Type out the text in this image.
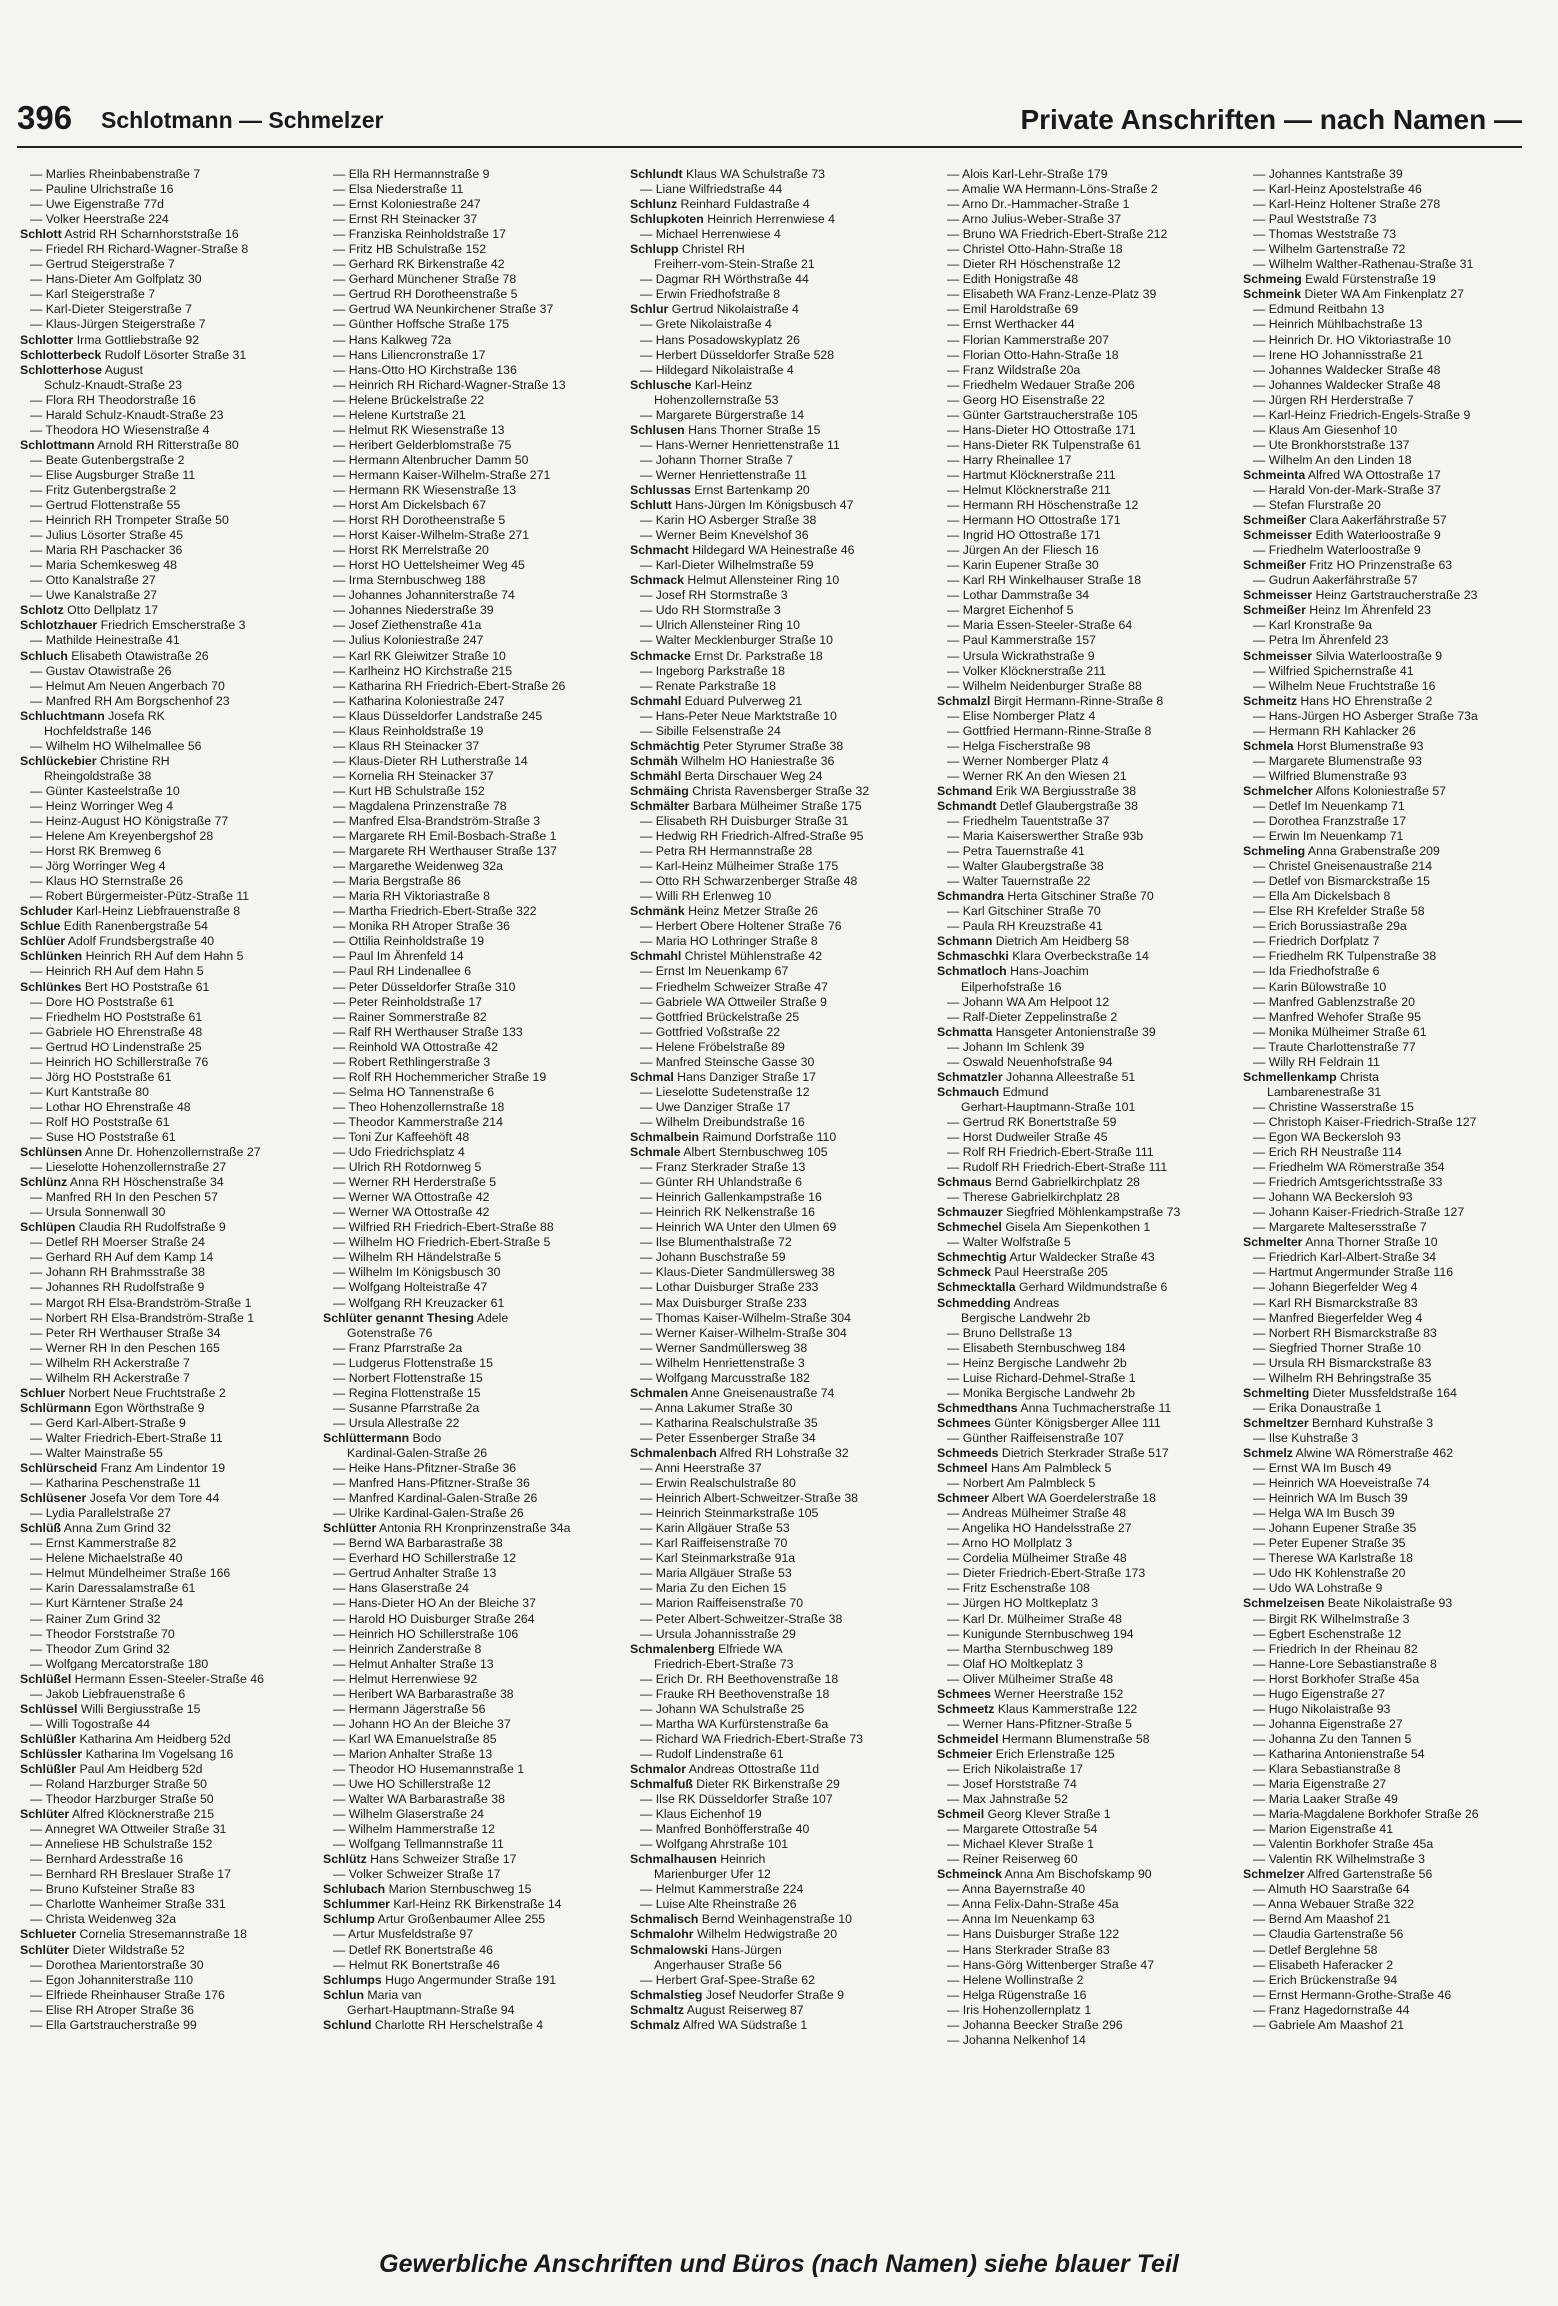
396 Schlotmann — Schmelzer	Private Anschriften — nach Namen —
— Marlies Rheinbabenstraße 7
— Pauline Ulrichstraße 16
— Uwe Eigenstraße 77d
— Volker Heerstraße 224
Schlott Astrid RH Scharnhorststraße 16
— Friedel RH Richard-Wagner-Straße 8
— Gertrud Steigerstraße 7
— Hans-Dieter Am Golfplatz 30
— Karl Steigerstraße 7
— Karl-Dieter Steigerstraße 7
— Klaus-Jürgen Steigerstraße 7
Schlotter Irma Gottliebstraße 92
Schlotterbeck Rudolf Lösorter Straße 31
Schlotterhose August
Schulz-Knaudt-Straße 23
— Flora RH Theodorstraße 16
— Harald Schulz-Knaudt-Straße 23
— Theodora HO Wiesenstraße 4
Schlottmann Arnold RH Ritterstraße 80
— Beate Gutenbergstraße 2
— Elise Augsburger Straße 11
— Fritz Gutenbergstraße 2
— Gertrud Flottenstraße 55
— Heinrich RH Trompeter Straße 50
— Julius Lösorter Straße 45
— Maria RH Paschacker 36
— Maria Schemkesweg 48
— Otto Kanalstraße 27
— Uwe Kanalstraße 27
Schlotz Otto Dellplatz 17
Schlotzhauer Friedrich Emscherstraße 3
— Mathilde Heinestraße 41
Schluch Elisabeth Otawistraße 26
— Gustav Otawistraße 26
— Helmut Am Neuen Angerbach 70
— Manfred RH Am Borgschenhof 23
Schluchtmann Josefa RK
Hochfeldstraße 146
— Wilhelm HO Wilhelmallee 56
Schlückebier Christine RH
Rheingoldstraße 38
— Günter Kasteelstraße 10
— Heinz Worringer Weg 4
— Heinz-August HO Königstraße 77
— Helene Am Kreyenbergshof 28
— Horst RK Bremweg 6
— Jörg Worringer Weg 4
— Klaus HO Sternstraße 26
— Robert Bürgermeister-Pütz-Straße 11
Schluder Karl-Heinz Liebfrauenstraße 8
Schlue Edith Ranenbergstraße 54
Schlüer Adolf Frundsbergstraße 40
Schlünken Heinrich RH Auf dem Hahn 5
— Heinrich RH Auf dem Hahn 5
Schlünkes Bert HO Poststraße 61
— Dore HO Poststraße 61
— Friedhelm HO Poststraße 61
— Gabriele HO Ehrenstraße 48
— Gertrud HO Lindenstraße 25
— Heinrich HO Schillerstraße 76
— Jörg HO Poststraße 61
— Kurt Kantstraße 80
— Lothar HO Ehrenstraße 48
— Rolf HO Poststraße 61
— Suse HO Poststraße 61
Schlünsen Anne Dr. Hohenzollernstraße 27
— Lieselotte Hohenzollernstraße 27
Schlünz Anna RH Höschenstraße 34
— Manfred RH In den Peschen 57
— Ursula Sonnenwall 30
Schlüpen Claudia RH Rudolfstraße 9
— Detlef RH Moerser Straße 24
— Gerhard RH Auf dem Kamp 14
— Johann RH Brahmsstraße 38
— Johannes RH Rudolfstraße 9
— Margot RH Elsa-Brandström-Straße 1
— Norbert RH Elsa-Brandström-Straße 1
— Peter RH Werthauser Straße 34
— Werner RH In den Peschen 165
— Wilhelm RH Ackerstraße 7
— Wilhelm RH Ackerstraße 7
Schluer Norbert Neue Fruchtstraße 2
Schlürmann Egon Wörthstraße 9
— Gerd Karl-Albert-Straße 9
— Walter Friedrich-Ebert-Straße 11
— Walter Mainstraße 55
Schlürscheid Franz Am Lindentor 19
— Katharina Peschenstraße 11
Schlüsener Josefa Vor dem Tore 44
— Lydia Parallelstraße 27
Schlüß Anna Zum Grind 32
— Ernst Kammerstraße 82
— Helene Michaelstraße 40
— Helmut Mündelheimer Straße 166
— Karin Daressalamstraße 61
— Kurt Kärntener Straße 24
— Rainer Zum Grind 32
— Theodor Forststraße 70
— Theodor Zum Grind 32
— Wolfgang Mercatorstraße 180
Schlüßel Hermann Essen-Steeler-Straße 46
— Jakob Liebfrauenstraße 6
Schlüssel Willi Bergiusstraße 15
— Willi Togostraße 44
Schlüßler Katharina Am Heidberg 52d
Schlüssler Katharina Im Vogelsang 16
Schlüßler Paul Am Heidberg 52d
— Roland Harzburger Straße 50
— Theodor Harzburger Straße 50
Schlüter Alfred Klöcknerstraße 215
— Annegret WA Ottweiler Straße 31
— Anneliese HB Schulstraße 152
— Bernhard Ardesstraße 16
— Bernhard RH Breslauer Straße 17
— Bruno Kufsteiner Straße 83
— Charlotte Wanheimer Straße 331
— Christa Weidenweg 32a
Schlueter Cornelia Stresemannstraße 18
Schlüter Dieter Wildstraße 52
— Dorothea Marientorstraße 30
— Egon Johanniterstraße 110
— Elfriede Rheinhauser Straße 176
— Elise RH Atroper Straße 36
— Ella Gartstraucherstraße 99
— Ella RH Hermannstraße 9
— Elsa Niederstraße 11
— Ernst Koloniestraße 247
— Ernst RH Steinacker 37
— Franziska Reinholdstraße 17
— Fritz HB Schulstraße 152
— Gerhard RK Birkenstraße 42
— Gerhard Münchener Straße 78
— Gertrud RH Dorotheenstraße 5
— Gertrud WA Neunkirchener Straße 37
— Günther Hoffsche Straße 175
— Hans Kalkweg 72a
— Hans Liliencronstraße 17
— Hans-Otto HO Kirchstraße 136
— Heinrich RH Richard-Wagner-Straße 13
— Helene Brückelstraße 22
— Helene Kurtstraße 21
— Helmut RK Wiesenstraße 13
— Heribert Gelderblomstraße 75
— Hermann Altenbrucher Damm 50
— Hermann Kaiser-Wilhelm-Straße 271
— Hermann RK Wiesenstraße 13
— Horst Am Dickelsbach 67
— Horst RH Dorotheenstraße 5
— Horst Kaiser-Wilhelm-Straße 271
— Horst RK Merrelstraße 20
— Horst HO Uettelsheimer Weg 45
— Irma Sternbuschweg 188
— Johannes Johanniterstraße 74
— Johannes Niederstraße 39
— Josef Ziethenstraße 41a
— Julius Koloniestraße 247
— Karl RK Gleiwitzer Straße 10
— Karlheinz HO Kirchstraße 215
— Katharina RH Friedrich-Ebert-Straße 26
— Katharina Koloniestraße 247
— Klaus Düsseldorfer Landstraße 245
— Klaus Reinholdstraße 19
— Klaus RH Steinacker 37
— Klaus-Dieter RH Lutherstraße 14
— Kornelia RH Steinacker 37
— Kurt HB Schulstraße 152
— Magdalena Prinzenstraße 78
— Manfred Elsa-Brandström-Straße 3
— Margarete RH Emil-Bosbach-Straße 1
— Margarete RH Werthauser Straße 137
— Margarethe Weidenweg 32a
— Maria Bergstraße 86
— Maria RH Viktoriastraße 8
— Martha Friedrich-Ebert-Straße 322
— Monika RH Atroper Straße 36
— Ottilia Reinholdstraße 19
— Paul Im Ährenfeld 14
— Paul RH Lindenallee 6
— Peter Düsseldorfer Straße 310
— Peter Reinholdstraße 17
— Rainer Sommerstraße 82
— Ralf RH Werthauser Straße 133
— Reinhold WA Ottostraße 42
— Robert Rethlingerstraße 3
— Rolf RH Hochemmericher Straße 19
— Selma HO Tannenstraße 6
— Theo Hohenzollernstraße 18
— Theodor Kammerstraße 214
— Toni Zur Kaffeehöft 48
— Udo Friedrichsplatz 4
— Ulrich RH Rotdornweg 5
— Werner RH Herderstraße 5
— Werner WA Ottostraße 42
— Werner WA Ottostraße 42
— Wilfried RH Friedrich-Ebert-Straße 88
— Wilhelm HO Friedrich-Ebert-Straße 5
— Wilhelm RH Händelstraße 5
— Wilhelm Im Königsbusch 30
— Wolfgang Holteistraße 47
— Wolfgang RH Kreuzacker 61
Schlüter genannt Thesing Adele
Gotenstraße 76
— Franz Pfarrstraße 2a
— Ludgerus Flottenstraße 15
— Norbert Flottenstraße 15
— Regina Flottenstraße 15
— Susanne Pfarrstraße 2a
— Ursula Allestraße 22
Schlüttermann Bodo
Kardinal-Galen-Straße 26
— Heike Hans-Pfitzner-Straße 36
— Manfred Hans-Pfitzner-Straße 36
— Manfred Kardinal-Galen-Straße 26
— Ulrike Kardinal-Galen-Straße 26
Schlütter Antonia RH Kronprinzenstraße 34a
— Bernd WA Barbarastraße 38
— Everhard HO Schillerstraße 12
— Gertrud Anhalter Straße 13
— Hans Glaserstraße 24
— Hans-Dieter HO An der Bleiche 37
— Harold HO Duisburger Straße 264
— Heinrich HO Schillerstraße 106
— Heinrich Zanderstraße 8
— Helmut Anhalter Straße 13
— Helmut Herrenwiese 92
— Heribert WA Barbarastraße 38
— Hermann Jägerstraße 56
— Johann HO An der Bleiche 37
— Karl WA Emanuelstraße 85
— Marion Anhalter Straße 13
— Theodor HO Husemannstraße 1
— Uwe HO Schillerstraße 12
— Walter WA Barbarastraße 38
— Wilhelm Glaserstraße 24
— Wilhelm Hammerstraße 12
— Wolfgang Tellmannstraße 11
Schlütz Hans Schweizer Straße 17
— Volker Schweizer Straße 17
Schlubach Marion Sternbuschweg 15
Schlummer Karl-Heinz RK Birkenstraße 14
Schlump Artur Großenbaumer Allee 255
— Artur Musfeldstraße 97
— Detlef RK Bonertstraße 46
— Helmut RK Bonertstraße 46
Schlumps Hugo Angermunder Straße 191
Schlun Maria van
Gerhart-Hauptmann-Straße 94
Schlund Charlotte RH Herschelstraße 4
Schlundt Klaus WA Schulstraße 73
— Liane Wilfriedstraße 44
Schlunz Reinhard Fuldastraße 4
Schlupkoten Heinrich Herrenwiese 4
— Michael Herrenwiese 4
Schlupp Christel RH
Freiherr-vom-Stein-Straße 21
— Dagmar RH Wörthstraße 44
— Erwin Friedhofstraße 8
Schlur Gertrud Nikolaistraße 4
— Grete Nikolaistraße 4
— Hans Posadowskyplatz 26
— Herbert Düsseldorfer Straße 528
— Hildegard Nikolaistraße 4
Schlusche Karl-Heinz
Hohenzollernstraße 53
— Margarete Bürgerstraße 14
Schlusen Hans Thorner Straße 15
— Hans-Werner Henriettenstraße 11
— Johann Thorner Straße 7
— Werner Henriettenstraße 11
Schlussas Ernst Bartenkamp 20
Schlutt Hans-Jürgen Im Königsbusch 47
— Karin HO Asberger Straße 38
— Werner Beim Knevelshof 36
Schmacht Hildegard WA Heinestraße 46
— Karl-Dieter Wilhelmstraße 59
Schmack Helmut Allensteiner Ring 10
— Josef RH Stormstraße 3
— Udo RH Stormstraße 3
— Ulrich Allensteiner Ring 10
— Walter Mecklenburger Straße 10
Schmacke Ernst Dr. Parkstraße 18
— Ingeborg Parkstraße 18
— Renate Parkstraße 18
Schmahl Eduard Pulverweg 21
— Hans-Peter Neue Marktstraße 10
— Sibille Felsenstraße 24
Schmächtig Peter Styrumer Straße 38
Schmäh Wilhelm HO Haniestraße 36
Schmähl Berta Dirschauer Weg 24
Schmäing Christa Ravensberger Straße 32
Schmälter Barbara Mülheimer Straße 175
— Elisabeth RH Duisburger Straße 31
— Hedwig RH Friedrich-Alfred-Straße 95
— Petra RH Hermannstraße 28
— Karl-Heinz Mülheimer Straße 175
— Otto RH Schwarzenberger Straße 48
— Willi RH Erlenweg 10
Schmänk Heinz Metzer Straße 26
— Herbert Obere Holtener Straße 76
— Maria HO Lothringer Straße 8
Schmahl Christel Mühlenstraße 42
— Ernst Im Neuenkamp 67
— Friedhelm Schweizer Straße 47
— Gabriele WA Ottweiler Straße 9
— Gottfried Brückelstraße 25
— Gottfried Voßstraße 22
— Helene Fröbelstraße 89
— Manfred Steinsche Gasse 30
Schmal Hans Danziger Straße 17
— Lieselotte Sudetenstraße 12
— Uwe Danziger Straße 17
— Wilhelm Dreibundstraße 16
Schmalbein Raimund Dorfstraße 110
Schmale Albert Sternbuschweg 105
— Franz Sterkrader Straße 13
— Günter RH Uhlandstraße 6
— Heinrich Gallenkampstraße 16
— Heinrich RK Nelkenstraße 16
— Heinrich WA Unter den Ulmen 69
— Ilse Blumenthalstraße 72
— Johann Buschstraße 59
— Klaus-Dieter Sandmüllersweg 38
— Lothar Duisburger Straße 233
— Max Duisburger Straße 233
— Thomas Kaiser-Wilhelm-Straße 304
— Werner Kaiser-Wilhelm-Straße 304
— Werner Sandmüllersweg 38
— Wilhelm Henriettenstraße 3
— Wolfgang Marcusstraße 182
Schmalen Anne Gneisenaustraße 74
— Anna Lakumer Straße 30
— Katharina Realschulstraße 35
— Peter Essenberger Straße 34
Schmalenbach Alfred RH Lohstraße 32
— Anni Heerstraße 37
— Erwin Realschulstraße 80
— Heinrich Albert-Schweitzer-Straße 38
— Heinrich Steinmarkstraße 105
— Karin Allgäuer Straße 53
— Karl Raiffeisenstraße 70
— Karl Steinmarkstraße 91a
— Maria Allgäuer Straße 53
— Maria Zu den Eichen 15
— Marion Raiffeisenstraße 70
— Peter Albert-Schweitzer-Straße 38
— Ursula Johannisstraße 29
Schmalenberg Elfriede WA
Friedrich-Ebert-Straße 73
— Erich Dr. RH Beethovenstraße 18
— Frauke RH Beethovenstraße 18
— Johann WA Schulstraße 25
— Martha WA Kurfürstenstraße 6a
— Richard WA Friedrich-Ebert-Straße 73
— Rudolf Lindenstraße 61
Schmalor Andreas Ottostraße 11d
Schmalfuß Dieter RK Birkenstraße 29
— Ilse RK Düsseldorfer Straße 107
— Klaus Eichenhof 19
— Manfred Bonhöfferstraße 40
— Wolfgang Ahrstraße 101
Schmalhausen Heinrich
Marienburger Ufer 12
— Helmut Kammerstraße 224
— Luise Alte Rheinstraße 26
Schmalisch Bernd Weinhagenstraße 10
Schmalohr Wilhelm Hedwigstraße 20
Schmalowski Hans-Jürgen
Angerhauser Straße 56
— Herbert Graf-Spee-Straße 62
Schmalstieg Josef Neudorfer Straße 9
Schmaltz August Reiserweg 87
Schmalz Alfred WA Südstraße 1
— Alois Karl-Lehr-Straße 179
— Amalie WA Hermann-Löns-Straße 2
— Arno Dr.-Hammacher-Straße 1
— Arno Julius-Weber-Straße 37
— Bruno WA Friedrich-Ebert-Straße 212
— Christel Otto-Hahn-Straße 18
— Dieter RH Höschenstraße 12
— Edith Honigstraße 48
— Elisabeth WA Franz-Lenze-Platz 39
— Emil Haroldstraße 69
— Ernst Werthacker 44
— Florian Kammerstraße 207
— Florian Otto-Hahn-Straße 18
— Franz Wildstraße 20a
— Friedhelm Wedauer Straße 206
— Georg HO Eisenstraße 22
— Günter Gartstraucherstraße 105
— Hans-Dieter HO Ottostraße 171
— Hans-Dieter RK Tulpenstraße 61
— Harry Rheinallee 17
— Hartmut Klöcknerstraße 211
— Helmut Klöcknerstraße 211
— Hermann RH Höschenstraße 12
— Hermann HO Ottostraße 171
— Ingrid HO Ottostraße 171
— Jürgen An der Fliesch 16
— Karin Eupener Straße 30
— Karl RH Winkelhauser Straße 18
— Lothar Dammstraße 34
— Margret Eichenhof 5
— Maria Essen-Steeler-Straße 64
— Paul Kammerstraße 157
— Ursula Wickrathstraße 9
— Volker Klöcknerstraße 211
— Wilhelm Neidenburger Straße 88
Schmalzl Birgit Hermann-Rinne-Straße 8
— Elise Nomberger Platz 4
— Gottfried Hermann-Rinne-Straße 8
— Helga Fischerstraße 98
— Werner Nomberger Platz 4
— Werner RK An den Wiesen 21
Schmand Erik WA Bergiusstraße 38
Schmandt Detlef Glaubergstraße 38
— Friedhelm Tauentstraße 37
— Maria Kaiserswerther Straße 93b
— Petra Tauernstraße 41
— Walter Glaubergstraße 38
— Walter Tauernstraße 22
Schmandra Herta Gitschiner Straße 70
— Karl Gitschiner Straße 70
— Paula RH Kreuzstraße 41
Schmann Dietrich Am Heidberg 58
Schmaschki Klara Overbeckstraße 14
Schmatloch Hans-Joachim
Eilperhofstraße 16
— Johann WA Am Helpoot 12
— Ralf-Dieter Zeppelinstraße 2
Schmatta Hansgeter Antonienstraße 39
— Johann Im Schlenk 39
— Oswald Neuenhofstraße 94
Schmatzler Johanna Alleestraße 51
Schmauch Edmund
Gerhart-Hauptmann-Straße 101
— Gertrud RK Bonertstraße 59
— Horst Dudweiler Straße 45
— Rolf RH Friedrich-Ebert-Straße 111
— Rudolf RH Friedrich-Ebert-Straße 111
Schmaus Bernd Gabrielkirchplatz 28
— Therese Gabrielkirchplatz 28
Schmauzer Siegfried Möhlenkampstraße 73
Schmechel Gisela Am Siepenkothen 1
— Walter Wolfstraße 5
Schmechtig Artur Waldecker Straße 43
Schmeck Paul Heerstraße 205
Schmecktalla Gerhard Wildmundstraße 6
Schmedding Andreas
Bergische Landwehr 2b
— Bruno Dellstraße 13
— Elisabeth Sternbuschweg 184
— Heinz Bergische Landwehr 2b
— Luise Richard-Dehmel-Straße 1
— Monika Bergische Landwehr 2b
Schmedthans Anna Tuchmacherstraße 11
Schmees Günter Königsberger Allee 111
— Günther Raiffeisenstraße 107
Schmeeds Dietrich Sterkrader Straße 517
Schmeel Hans Am Palmbleck 5
— Norbert Am Palmbleck 5
Schmeer Albert WA Goerdelerstraße 18
— Andreas Mülheimer Straße 48
— Angelika HO Handelsstraße 27
— Arno HO Mollplatz 3
— Cordelia Mülheimer Straße 48
— Dieter Friedrich-Ebert-Straße 173
— Fritz Eschenstraße 108
— Jürgen HO Moltkeplatz 3
— Karl Dr. Mülheimer Straße 48
— Kunigunde Sternbuschweg 194
— Martha Sternbuschweg 189
— Olaf HO Moltkeplatz 3
— Oliver Mülheimer Straße 48
Schmees Werner Heerstraße 152
Schmeetz Klaus Kammerstraße 122
— Werner Hans-Pfitzner-Straße 5
Schmeidel Hermann Blumenstraße 58
Schmeier Erich Erlenstraße 125
— Erich Nikolaistraße 17
— Josef Horststraße 74
— Max Jahnstraße 52
Schmeil Georg Klever Straße 1
— Margarete Ottostraße 54
— Michael Klever Straße 1
— Reiner Reiserweg 60
Schmeinck Anna Am Bischofskamp 90
— Anna Bayernstraße 40
— Anna Felix-Dahn-Straße 45a
— Anna Im Neuenkamp 63
— Hans Duisburger Straße 122
— Hans Sterkrader Straße 83
— Hans-Görg Wittenberger Straße 47
— Helene Wollinstraße 2
— Helga Rügenstraße 16
— Iris Hohenzollernplatz 1
— Johanna Beecker Straße 296
— Johanna Nelkenhof 14
— Johannes Kantstraße 39
— Karl-Heinz Apostelstraße 46
— Karl-Heinz Holtener Straße 278
— Paul Weststraße 73
— Thomas Weststraße 73
— Wilhelm Gartenstraße 72
— Wilhelm Walther-Rathenau-Straße 31
Schmeing Ewald Fürstenstraße 19
Schmeink Dieter WA Am Finkenplatz 27
— Edmund Reitbahn 13
— Heinrich Mühlbachstraße 13
— Heinrich Dr. HO Viktoriastraße 10
— Irene HO Johannisstraße 21
— Johannes Waldecker Straße 48
— Johannes Waldecker Straße 48
— Jürgen RH Herderstraße 7
— Karl-Heinz Friedrich-Engels-Straße 9
— Klaus Am Giesenhof 10
— Ute Bronkhorststraße 137
— Wilhelm An den Linden 18
Schmeinta Alfred WA Ottostraße 17
— Harald Von-der-Mark-Straße 37
— Stefan Flurstraße 20
Schmeißer Clara Aakerfährstraße 57
Schmeisser Edith Waterloostraße 9
— Friedhelm Waterloostraße 9
Schmeißer Fritz HO Prinzenstraße 63
— Gudrun Aakerfährstraße 57
Schmeisser Heinz Gartstraucherstraße 23
Schmeißer Heinz Im Ährenfeld 23
— Karl Kronstraße 9a
— Petra Im Ährenfeld 23
Schmeisser Silvia Waterloostraße 9
— Wilfried Spichernstraße 41
— Wilhelm Neue Fruchtstraße 16
Schmeitz Hans HO Ehrenstraße 2
— Hans-Jürgen HO Asberger Straße 73a
— Hermann RH Kahlacker 26
Schmela Horst Blumenstraße 93
— Margarete Blumenstraße 93
— Wilfried Blumenstraße 93
Schmelcher Alfons Koloniestraße 57
— Detlef Im Neuenkamp 71
— Dorothea Franzstraße 17
— Erwin Im Neuenkamp 71
Schmeling Anna Grabenstraße 209
— Christel Gneisenaustraße 214
— Detlef von Bismarckstraße 15
— Ella Am Dickelsbach 8
— Else RH Krefelder Straße 58
— Erich Borussiastraße 29a
— Friedrich Dorfplatz 7
— Friedhelm RK Tulpenstraße 38
— Ida Friedhofstraße 6
— Karin Bülowstraße 10
— Manfred Gablenzstraße 20
— Manfred Wehofer Straße 95
— Monika Mülheimer Straße 61
— Traute Charlottenstraße 77
— Willy RH Feldrain 11
Schmellenkamp Christa
Lambarenestraße 31
— Christine Wasserstraße 15
— Christoph Kaiser-Friedrich-Straße 127
— Egon WA Beckersloh 93
— Erich RH Neustraße 114
— Friedhelm WA Römerstraße 354
— Friedrich Amtsgerichtsstraße 33
— Johann WA Beckersloh 93
— Johann Kaiser-Friedrich-Straße 127
— Margarete Maltesersstraße 7
Schmelter Anna Thorner Straße 10
— Friedrich Karl-Albert-Straße 34
— Hartmut Angermunder Straße 116
— Johann Biegerfelder Weg 4
— Karl RH Bismarckstraße 83
— Manfred Biegerfelder Weg 4
— Norbert RH Bismarckstraße 83
— Siegfried Thorner Straße 10
— Ursula RH Bismarckstraße 83
— Wilhelm RH Behringstraße 35
Schmelting Dieter Mussfeldstraße 164
— Erika Donaustraße 1
Schmeltzer Bernhard Kuhstraße 3
— Ilse Kuhstraße 3
Schmelz Alwine WA Römerstraße 462
— Ernst WA Im Busch 49
— Heinrich WA Hoeveistraße 74
— Heinrich WA Im Busch 39
— Helga WA Im Busch 39
— Johann Eupener Straße 35
— Peter Eupener Straße 35
— Therese WA Karlstraße 18
— Udo HK Kohlenstraße 20
— Udo WA Lohstraße 9
Schmelzeisen Beate Nikolaistraße 93
— Birgit RK Wilhelmstraße 3
— Egbert Eschenstraße 12
— Friedrich In der Rheinau 82
— Hanne-Lore Sebastianstraße 8
— Horst Borkhofer Straße 45a
— Hugo Eigenstraße 27
— Hugo Nikolaistraße 93
— Johanna Eigenstraße 27
— Johanna Zu den Tannen 5
— Katharina Antonienstraße 54
— Klara Sebastianstraße 8
— Maria Eigenstraße 27
— Maria Laaker Straße 49
— Maria-Magdalene Borkhofer Straße 26
— Marion Eigenstraße 41
— Valentin Borkhofer Straße 45a
— Valentin RK Wilhelmstraße 3
Schmelzer Alfred Gartenstraße 56
— Almuth HO Saarstraße 64
— Anna Webauer Straße 322
— Bernd Am Maashof 21
— Claudia Gartenstraße 56
— Detlef Berglehne 58
— Elisabeth Haferacker 2
— Erich Brückenstraße 94
— Ernst Hermann-Grothe-Straße 46
— Franz Hagedornstraße 44
— Gabriele Am Maashof 21
Gewerbliche Anschriften und Büros (nach Namen) siehe blauer Teil
